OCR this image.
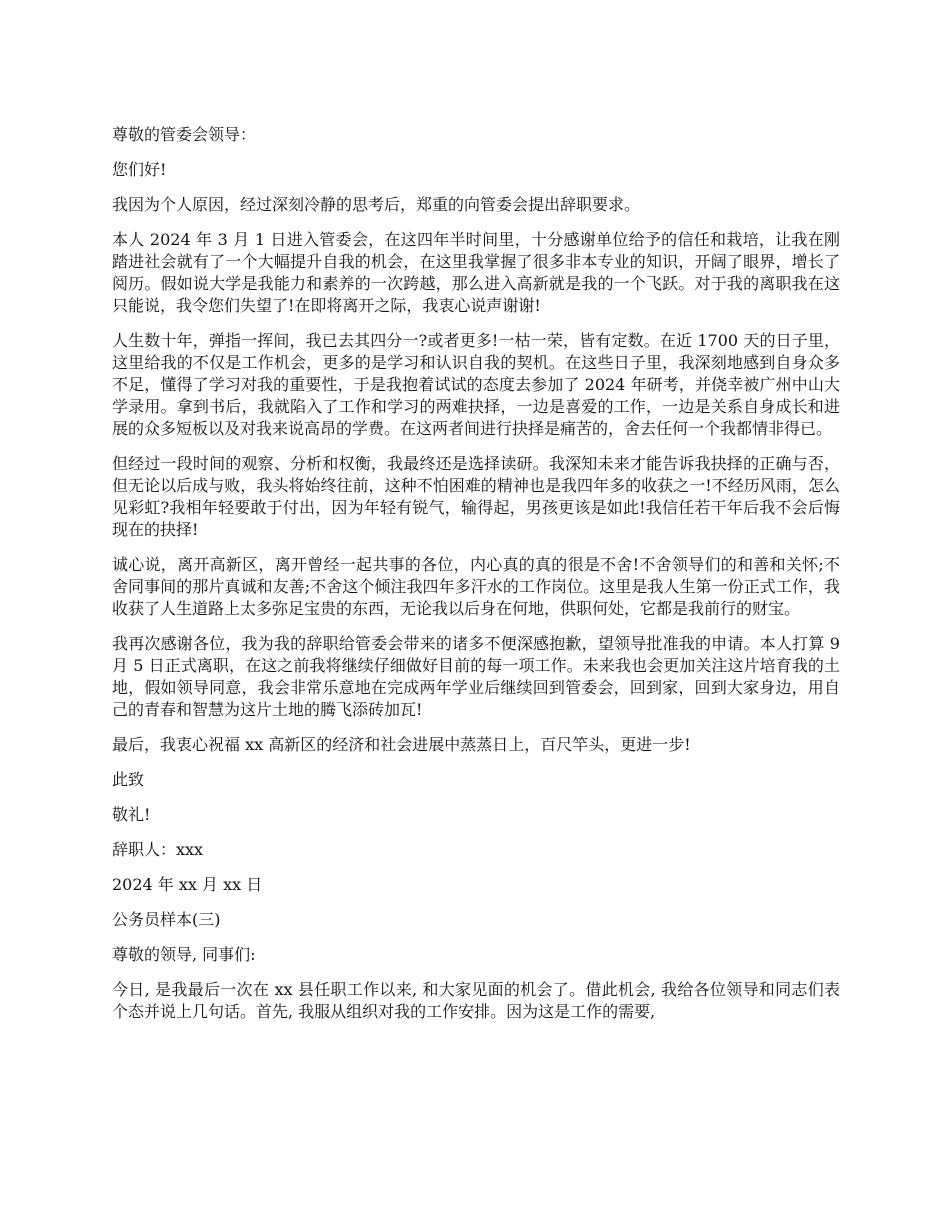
尊敬的管委会领导：

您们好!

我因为个人原因，经过深刻冷静的思考后，郑重的向管委会提出辞职要求。

本人 2024 年 3 月 1 日进入管委会，在这四年半时间里，十分感谢单位给予的信任和栽培，让我在刚踏进社会就有了一个大幅提升自我的机会，在这里我掌握了很多非本专业的知识，开阔了眼界，增长了阅历。假如说大学是我能力和素养的一次跨越，那么进入高新就是我的一个飞跃。对于我的离职我在这只能说，我令您们失望了!在即将离开之际，我衷心说声谢谢!

人生数十年，弹指一挥间，我已去其四分一?或者更多!一枯一荣，皆有定数。在近 1700 天的日子里，这里给我的不仅是工作机会，更多的是学习和认识自我的契机。在这些日子里，我深刻地感到自身众多不足，懂得了学习对我的重要性，于是我抱着试试的态度去参加了 2024 年研考，并侥幸被广州中山大学录用。拿到书后，我就陷入了工作和学习的两难抉择，一边是喜爱的工作，一边是关系自身成长和进展的众多短板以及对我来说高昂的学费。在这两者间进行抉择是痛苦的，舍去任何一个我都情非得已。

但经过一段时间的观察、分析和权衡，我最终还是选择读研。我深知未来才能告诉我抉择的正确与否，但无论以后成与败，我头将始终往前，这种不怕困难的精神也是我四年多的收获之一!不经历风雨，怎么见彩虹?我相年轻要敢于付出，因为年轻有锐气，输得起，男孩更该是如此!我信任若干年后我不会后悔现在的抉择!

诚心说，离开高新区，离开曾经一起共事的各位，内心真的真的很是不舍!不舍领导们的和善和关怀;不舍同事间的那片真诚和友善;不舍这个倾注我四年多汗水的工作岗位。这里是我人生第一份正式工作，我收获了人生道路上太多弥足宝贵的东西，无论我以后身在何地，供职何处，它都是我前行的财宝。

我再次感谢各位，我为我的辞职给管委会带来的诸多不便深感抱歉，望领导批准我的申请。本人打算 9 月 5 日正式离职，在这之前我将继续仔细做好目前的每一项工作。未来我也会更加关注这片培育我的土地，假如领导同意，我会非常乐意地在完成两年学业后继续回到管委会，回到家，回到大家身边，用自己的青春和智慧为这片土地的腾飞添砖加瓦!

最后，我衷心祝福 xx 高新区的经济和社会进展中蒸蒸日上，百尺竿头，更进一步!

此致

敬礼!

辞职人：xxx

2024 年 xx 月 xx 日

公务员样本(三)

尊敬的领导, 同事们:

今日, 是我最后一次在 xx 县任职工作以来, 和大家见面的机会了。借此机会, 我给各位领导和同志们表个态并说上几句话。首先, 我服从组织对我的工作安排。因为这是工作的需要,
